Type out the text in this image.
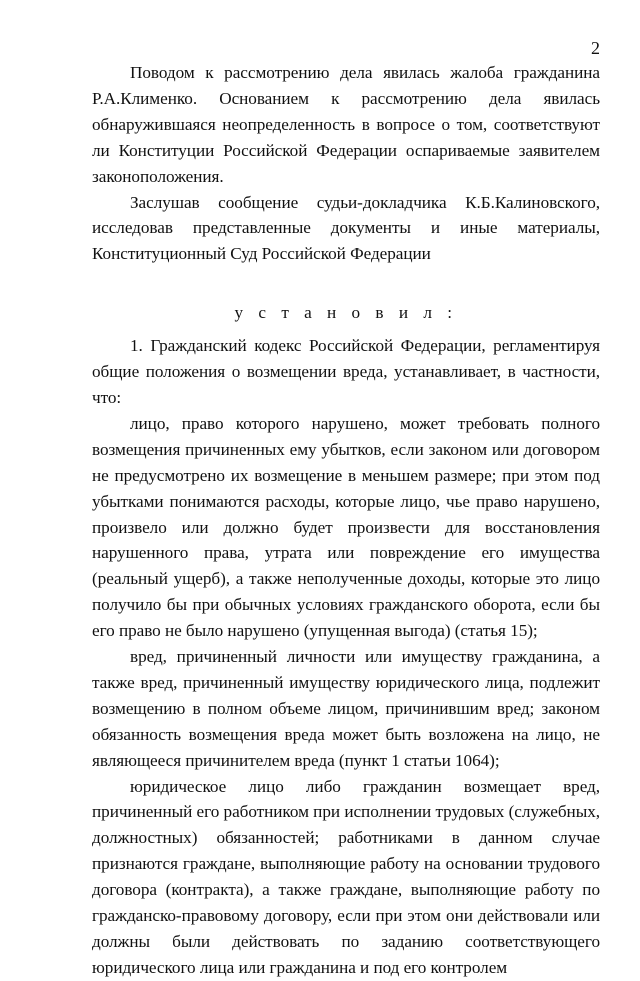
2

Поводом к рассмотрению дела явилась жалоба гражданина Р.А.Клименко. Основанием к рассмотрению дела явилась обнаружившаяся неопределенность в вопросе о том, соответствуют ли Конституции Российской Федерации оспариваемые заявителем законоположения.

Заслушав сообщение судьи-докладчика К.Б.Калиновского, исследовав представленные документы и иные материалы, Конституционный Суд Российской Федерации

у с т а н о в и л :

1. Гражданский кодекс Российской Федерации, регламентируя общие положения о возмещении вреда, устанавливает, в частности, что:

лицо, право которого нарушено, может требовать полного возмещения причиненных ему убытков, если законом или договором не предусмотрено их возмещение в меньшем размере; при этом под убытками понимаются расходы, которые лицо, чье право нарушено, произвело или должно будет произвести для восстановления нарушенного права, утрата или повреждение его имущества (реальный ущерб), а также неполученные доходы, которые это лицо получило бы при обычных условиях гражданского оборота, если бы его право не было нарушено (упущенная выгода) (статья 15);

вред, причиненный личности или имуществу гражданина, а также вред, причиненный имуществу юридического лица, подлежит возмещению в полном объеме лицом, причинившим вред; законом обязанность возмещения вреда может быть возложена на лицо, не являющееся причинителем вреда (пункт 1 статьи 1064);

юридическое лицо либо гражданин возмещает вред, причиненный его работником при исполнении трудовых (служебных, должностных) обязанностей; работниками в данном случае признаются граждане, выполняющие работу на основании трудового договора (контракта), а также граждане, выполняющие работу по гражданско-правовому договору, если при этом они действовали или должны были действовать по заданию соответствующего юридического лица или гражданина и под его контролем
